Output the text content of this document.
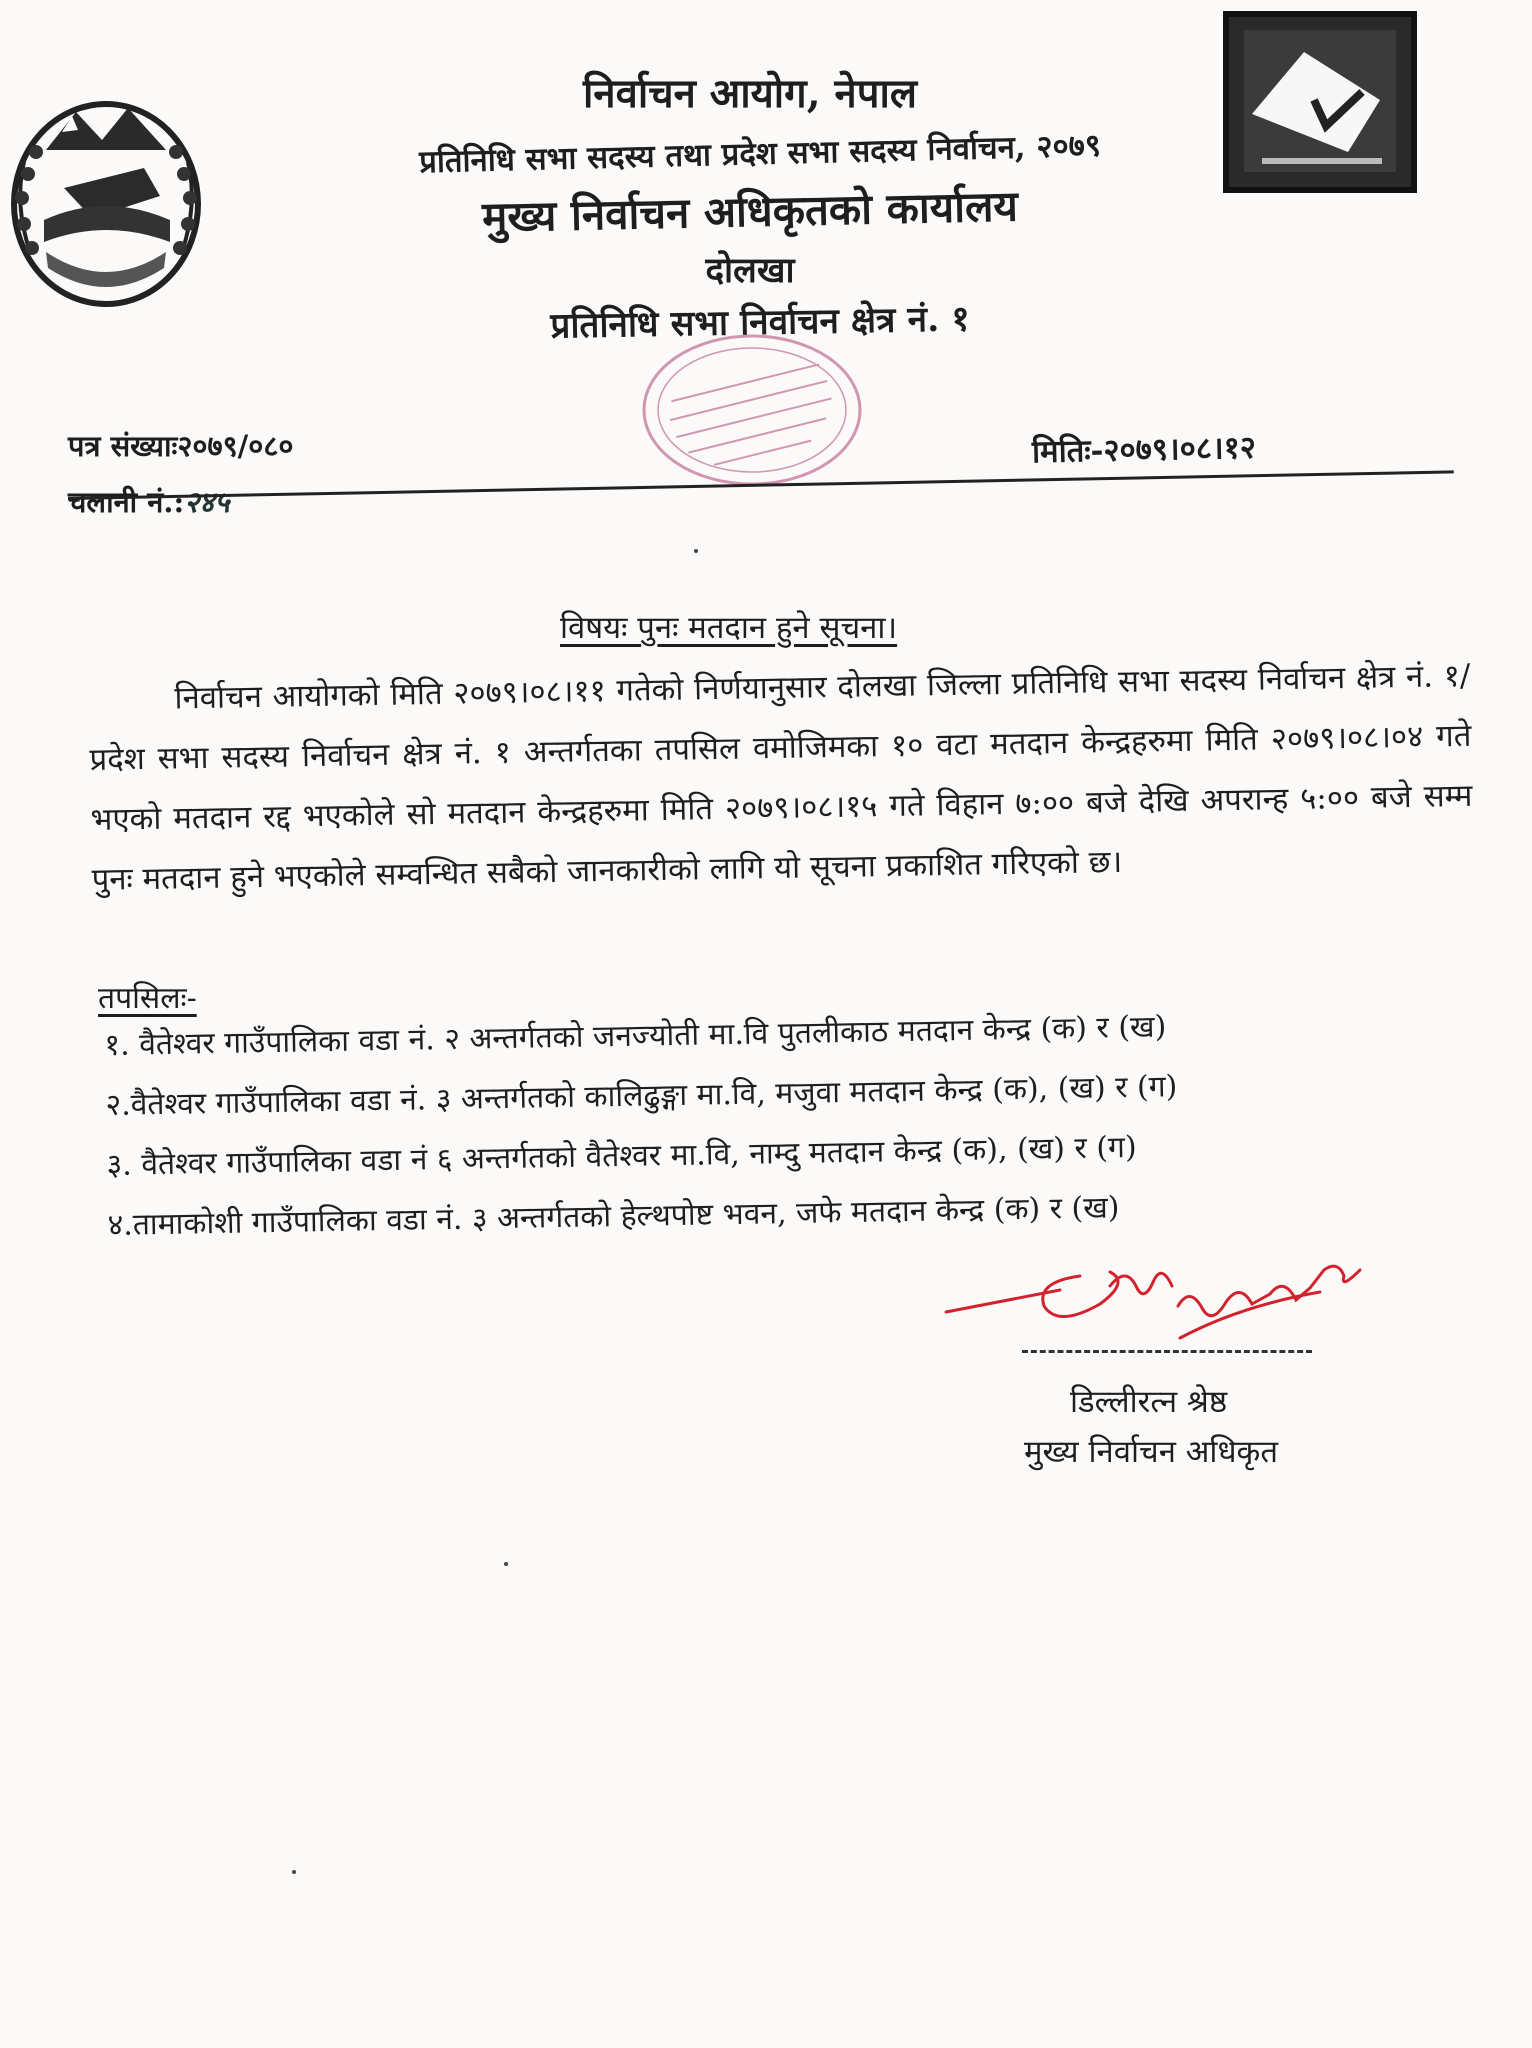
निर्वाचन आयोग, नेपाल
प्रतिनिधि सभा सदस्य तथा प्रदेश सभा सदस्य निर्वाचन, २०७९
मुख्य निर्वाचन अधिकृतको कार्यालय
दोलखा
प्रतिनिधि सभा निर्वाचन क्षेत्र नं. १
पत्र संख्याः२०७९/०८०
चलानी नं.:२४५
मितिः-२०७९।०८।१२
विषयः पुनः मतदान हुने सूचना।

निर्वाचन आयोगको मिति २०७९।०८।११ गतेको निर्णयानुसार दोलखा जिल्ला प्रतिनिधि सभा सदस्य निर्वाचन क्षेत्र नं. १/ प्रदेश सभा सदस्य निर्वाचन क्षेत्र नं. १ अन्तर्गतका तपसिल वमोजिमका १० वटा मतदान केन्द्रहरुमा मिति २०७९।०८।०४ गते भएको मतदान रद्द भएकोले सो मतदान केन्द्रहरुमा मिति २०७९।०८।१५ गते विहान ७:०० बजे देखि अपरान्ह ५:०० बजे सम्म पुनः मतदान हुने भएकोले सम्वन्धित सबैको जानकारीको लागि यो सूचना प्रकाशित गरिएको छ।

तपसिलः-
१. वैतेश्वर गाउँपालिका वडा नं. २ अन्तर्गतको जनज्योती मा.वि पुतलीकाठ मतदान केन्द्र (क) र (ख)
२.वैतेश्वर गाउँपालिका वडा नं. ३ अन्तर्गतको कालिढुङ्गा मा.वि, मजुवा मतदान केन्द्र (क), (ख) र (ग)
३. वैतेश्वर गाउँपालिका वडा नं ६ अन्तर्गतको वैतेश्वर मा.वि, नाम्दु मतदान केन्द्र (क), (ख) र (ग)
४.तामाकोशी गाउँपालिका वडा नं. ३ अन्तर्गतको हेल्थपोष्ट भवन, जफे मतदान केन्द्र (क) र (ख)
डिल्लीरत्न श्रेष्ठ
मुख्य निर्वाचन अधिकृत
